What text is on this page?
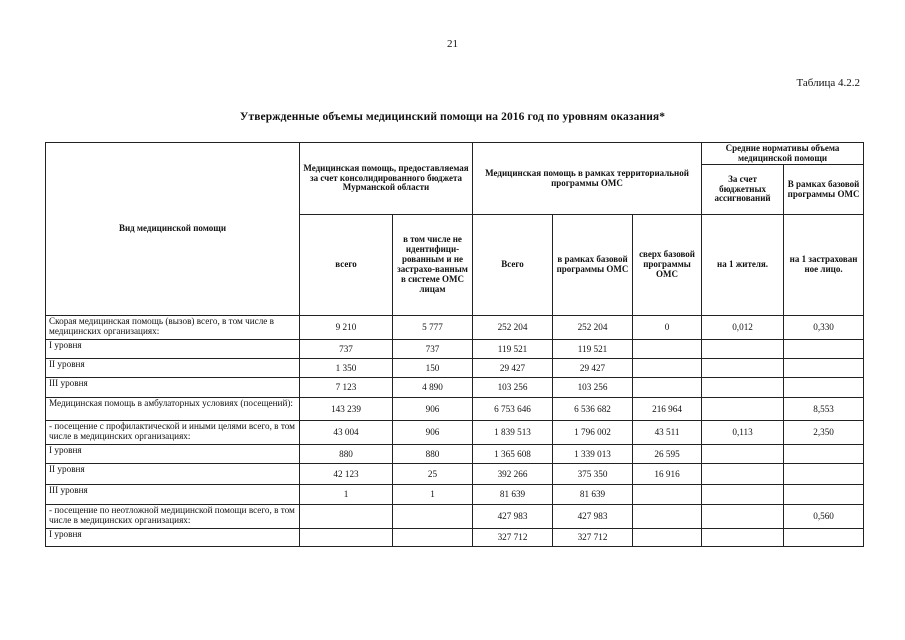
21
Таблица 4.2.2
Утвержденные объемы медицинский помощи на 2016 год по уровням оказания*
Вид медицинской помощи	Медицинская помощь, предоставляемая за счет консолидированного бюджета Мурманской области		Медицинская помощь в рамках территориальной программы ОМС			Средние нормативы объема медицинской помощи	
						За счет бюджетных ассигнований	В рамках базовой программы ОМС
	всего	в том числе не идентифици-рованным и не застрахо-ванным в системе ОМС лицам	Всего	в рамках базовой программы ОМС	сверх базовой программы ОМС	на 1 жителя.	на 1 застрахован ное лицо.
Скорая медицинская помощь (вызов) всего, в том числе в медицинских организациях:	9 210	5 777	252 204	252 204	0	0,012	0,330
I уровня	737	737	119 521	119 521			
II уровня	1 350	150	29 427	29 427			
III уровня	7 123	4 890	103 256	103 256			
Медицинская помощь в амбулаторных условиях (посещений):	143 239	906	6 753 646	6 536 682	216 964		8,553
- посещение с профилактической и иными целями всего, в том числе в медицинских организациях:	43 004	906	1 839 513	1 796 002	43 511	0,113	2,350
I уровня	880	880	1 365 608	1 339 013	26 595		
II уровня	42 123	25	392 266	375 350	16 916		
III уровня	1	1	81 639	81 639			
- посещение по неотложной медицинской помощи всего, в том числе в медицинских организациях:			427 983	427 983			0,560
I уровня			327 712	327 712			
